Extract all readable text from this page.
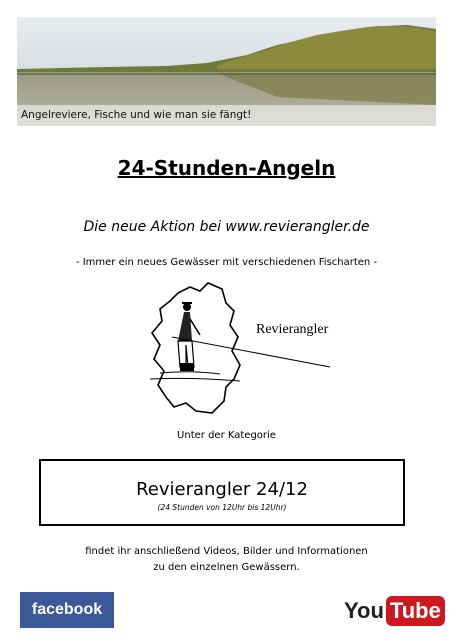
Angelreviere, Fische und wie man sie fängt!
24-Stunden-Angeln
Die neue Aktion bei www.revierangler.de
- Immer ein neues Gewässer mit verschiedenen Fischarten -
Revierangler
Unter der Kategorie
Revierangler 24/12
(24 Stunden von 12Uhr bis 12Uhr)
findet ihr anschließend Videos, Bilder und Informationen
zu den einzelnen Gewässern.
facebook	You Tube
